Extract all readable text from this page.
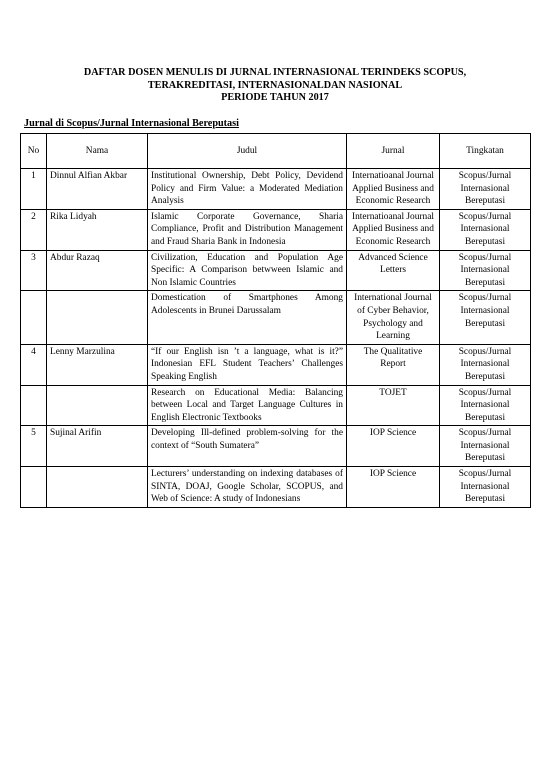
DAFTAR DOSEN MENULIS DI JURNAL INTERNASIONAL TERINDEKS SCOPUS,
TERAKREDITASI, INTERNASIONALDAN NASIONAL
PERIODE TAHUN 2017
Jurnal di Scopus/Jurnal Internasional Bereputasi
No	Nama	Judul	Jurnal	Tingkatan
1	Dinnul Alfian Akbar	Institutional Ownership, Debt Policy, Devidend Policy and Firm Value: a Moderated Mediation Analysis	Internatioanal Journal Applied Business and Economic Research	Scopus/Jurnal Internasional Bereputasi
2	Rika Lidyah	Islamic Corporate Governance, Sharia Compliance, Profit and Distribution Management and Fraud Sharia Bank in Indonesia	Internatioanal Journal Applied Business and Economic Research	Scopus/Jurnal Internasional Bereputasi
3	Abdur Razaq	Civilization, Education and Population Age Specific: A Comparison betwween Islamic and Non Islamic Countries	Advanced Science Letters	Scopus/Jurnal Internasional Bereputasi
		Domestication of Smartphones Among Adolescents in Brunei Darussalam	International Journal of Cyber Behavior, Psychology and Learning	Scopus/Jurnal Internasional Bereputasi
4	Lenny Marzulina	“If our English isn ’t a language, what is it?” Indonesian EFL Student Teachers’ Challenges Speaking English	The Qualitative Report	Scopus/Jurnal Internasional Bereputasi
		Research on Educational Media: Balancing between Local and Target Language Cultures in English Electronic Textbooks	TOJET	Scopus/Jurnal Internasional Bereputasi
5	Sujinal Arifin	Developing Ill-defined problem-solving for the context of “South Sumatera”	IOP Science	Scopus/Jurnal Internasional Bereputasi
		Lecturers’ understanding on indexing databases of SINTA, DOAJ, Google Scholar, SCOPUS, and Web of Science: A study of Indonesians	IOP Science	Scopus/Jurnal Internasional Bereputasi
